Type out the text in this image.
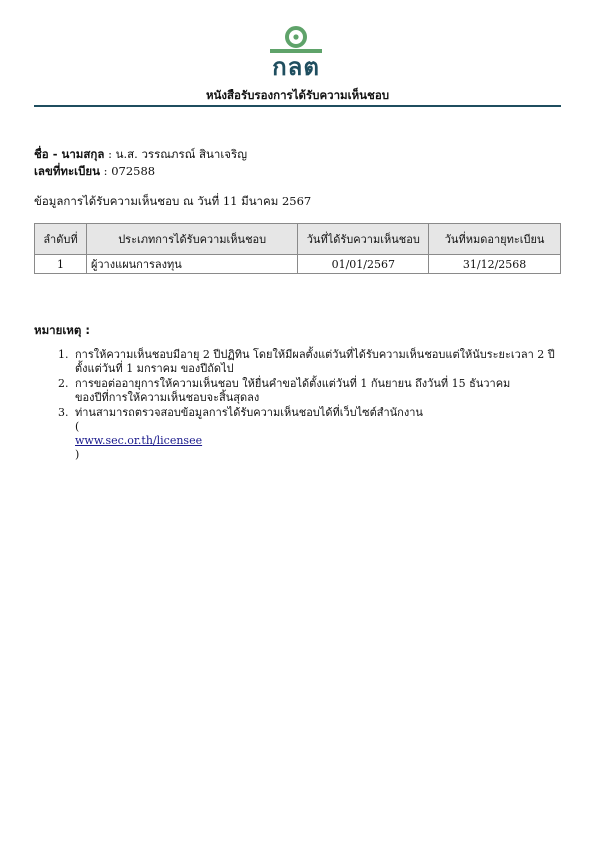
กลต
หนังสือรับรองการได้รับความเห็นชอบ
ชื่อ - นามสกุล : น.ส. วรรณภรณ์ สินาเจริญ
เลขที่ทะเบียน : 072588
ข้อมูลการได้รับความเห็นชอบ ณ วันที่ 11 มีนาคม 2567
ลำดับที่	ประเภทการได้รับความเห็นชอบ	วันที่ได้รับความเห็นชอบ	วันที่หมดอายุทะเบียน
1	ผู้วางแผนการลงทุน	01/01/2567	31/12/2568
หมายเหตุ :
1. การให้ความเห็นชอบมีอายุ 2 ปีปฏิทิน โดยให้มีผลตั้งแต่วันที่ได้รับความเห็นชอบแต่ให้นับระยะเวลา 2 ปี
ตั้งแต่วันที่ 1 มกราคม ของปีถัดไป
2. การขอต่ออายุการให้ความเห็นชอบ ให้ยื่นคำขอได้ตั้งแต่วันที่ 1 กันยายน ถึงวันที่ 15 ธันวาคม
ของปีที่การให้ความเห็นชอบจะสิ้นสุดลง
3. ท่านสามารถตรวจสอบข้อมูลการได้รับความเห็นชอบได้ที่เว็บไซต์สำนักงาน
(
www.sec.or.th/licensee
)
